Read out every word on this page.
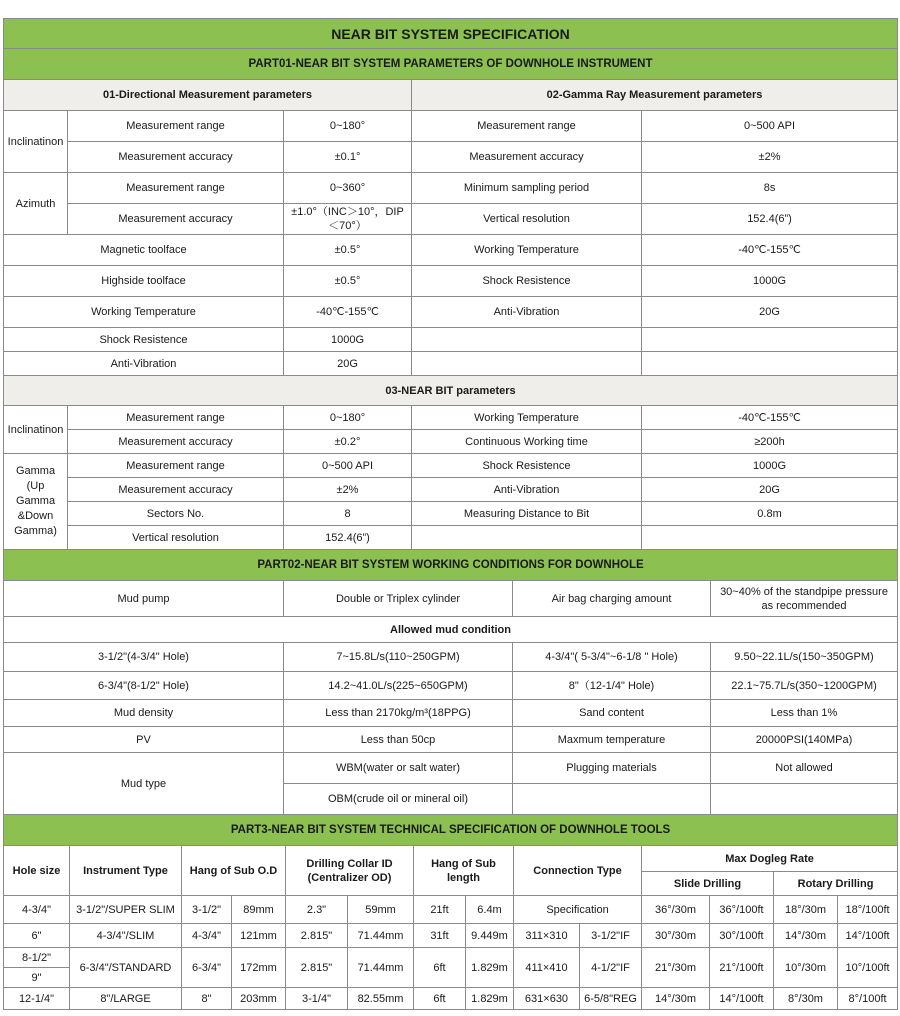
NEAR BIT SYSTEM SPECIFICATION				
PART01-NEAR BIT SYSTEM PARAMETERS OF DOWNHOLE INSTRUMENT				
01-Directional Measurement parameters			02-Gamma Ray Measurement parameters	
Inclinatinon	Measurement range	0~180°	Measurement range	0~500 API
	Measurement accuracy	±0.1°	Measurement accuracy	±2%
Azimuth	Measurement range	0~360°	Minimum sampling period	8s
	Measurement accuracy	±1.0°（INC＞10°，DIP＜70°）	Vertical resolution	152.4(6”)
Magnetic toolface		±0.5°	Working Temperature	-40℃-155℃
Highside toolface		±0.5°	Shock Resistence	1000G
Working Temperature		-40℃-155℃	Anti-Vibration	20G
Shock Resistence		1000G		
Anti-Vibration		20G		
03-NEAR BIT parameters				
Inclinatinon	Measurement range	0~180°	Working Temperature	-40℃-155℃
	Measurement accuracy	±0.2°	Continuous Working time	≥200h
Gamma (Up Gamma &Down Gamma)	Measurement range	0~500 API	Shock Resistence	1000G
	Measurement accuracy	±2%	Anti-Vibration	20G
	Sectors No.	8	Measuring Distance to Bit	0.8m
	Vertical resolution	152.4(6”)		
PART02-NEAR BIT SYSTEM WORKING CONDITIONS FOR DOWNHOLE			
Mud pump	Double or Triplex cylinder	Air bag charging amount	30~40% of the standpipe pressure as recommended
Allowed mud condition			
3-1/2"(4-3/4" Hole)	7~15.8L/s(110~250GPM)	4-3/4"( 5-3/4"~6-1/8 " Hole)	9.50~22.1L/s(150~350GPM)
6-3/4"(8-1/2" Hole)	14.2~41.0L/s(225~650GPM)	8"（12-1/4" Hole)	22.1~75.7L/s(350~1200GPM)
Mud density	Less than 2170kg/m³(18PPG)	Sand content	Less than 1%
PV	Less than 50cp	Maxmum temperature	20000PSI(140MPa)
Mud type	WBM(water or salt water)	Plugging materials	Not allowed
	OBM(crude oil or mineral oil)		
PART3-NEAR BIT SYSTEM TECHNICAL SPECIFICATION OF DOWNHOLE TOOLS													
Hole size	Instrument Type	Hang of Sub O.D		Drilling Collar ID (Centralizer OD)		Hang of Sub length		Connection Type		Max Dogleg Rate			
										Slide Drilling		Rotary Drilling	
4-3/4"	3-1/2"/SUPER SLIM	3-1/2"	89mm	2.3"	59mm	21ft	6.4m	Specification		36°/30m	36°/100ft	18°/30m	18°/100ft
6"	4-3/4"/SLIM	4-3/4"	121mm	2.815"	71.44mm	31ft	9.449m	311×310	3-1/2"IF	30°/30m	30°/100ft	14°/30m	14°/100ft
8-1/2"	6-3/4"/STANDARD	6-3/4"	172mm	2.815"	71.44mm	6ft	1.829m	411×410	4-1/2"IF	21°/30m	21°/100ft	10°/30m	10°/100ft
9"													
12-1/4"	8"/LARGE	8"	203mm	3-1/4"	82.55mm	6ft	1.829m	631×630	6-5/8"REG	14°/30m	14°/100ft	8°/30m	8°/100ft
